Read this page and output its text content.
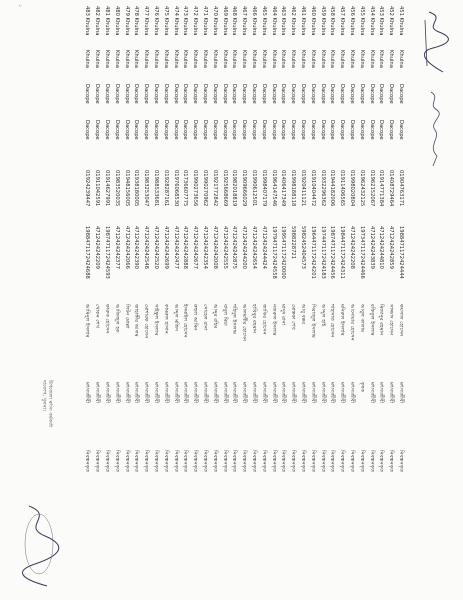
451 Khulna
Khulna
Dacope
Dacope
01904763171
1988471172424444
ফয়সাল হোসেন
মৎস্যজীবী
নিবন্ধনকৃত
452 Khulna
Khulna
Dacope
Dacope
01408729464
4712424242859
সাজ্জাদ হোসেন
মৎস্যজীবী
নিবন্ধনকৃত
453 Khulna
Khulna
Dacope
Dacope
01914771384
4712424244810
মিজানুর রহমান
মৎস্যজীবী
নিবন্ধনকৃত
454 Khulna
Khulna
Dacope
Dacope
01962152067
4712424243839
রফিকুল ইসলাম
মৎস্যজীবী
নিবন্ধনকৃত
455 Khulna
Khulna
Dacope
Dacope
01962432125
1973471172424466
আবুল কালাম
কৃষক
নিবন্ধনকৃত
456 Khulna
Khulna
Dacope
Dacope
01998020804
4712424242208
আনোয়ার হোসেন
মৎস্যজীবী
নিবন্ধনকৃত
457 Khulna
Khulna
Dacope
Dacope
01911406565
1984471172424311
মনিরুল ইসলাম
মৎস্যজীবী
নিবন্ধনকৃত
458 Khulna
Khulna
Dacope
Dacope
01944182006
1987471172424456
শাহাদাত হোসেন
মৎস্যজীবী
নিবন্ধনকৃত
459 Khulna
Khulna
Dacope
Dacope
01932296362
1974471172424183
আব্দুল হাই
মৎস্যজীবী
নিবন্ধনকৃত
460 Khulna
Khulna
Dacope
Dacope
01910404472
1964471172424201
সিরাজুল ইসলাম
মৎস্যজীবী
নিবন্ধনকৃত
461 Khulna
Khulna
Dacope
Dacope
01920411121
5982452404573
আবু বক্কর
মৎস্যজীবী
নিবন্ধনকৃত
462 Khulna
Khulna
Dacope
Dacope
01998188118
5988228721
মোস্তফা শেখ
মৎস্যজীবী
নিবন্ধনকৃত
463 Khulna
Khulna
Dacope
Dacope
01406417349
1995471172420000
মাসুদ রানা
মৎস্যজীবী
নিবন্ধনকৃত
464 Khulna
Khulna
Dacope
Dacope
01964147546
1979471172424558
নজরুল ইসলাম
মৎস্যজীবী
নিবন্ধনকৃত
465 Khulna
Khulna
Dacope
Dacope
01998407179
4712424244424
জাকির হোসেন
মৎস্যজীবী
নিবন্ধনকৃত
466 Khulna
Khulna
Dacope
Dacope
01990612501
4712424242654
হাবিবুর রহমান
মৎস্যজীবী
নিবন্ধনকৃত
467 Khulna
Khulna
Dacope
Dacope
01909666029
4712424244200
আলমগীর হোসেন
মৎস্যজীবী
নিবন্ধনকৃত
468 Khulna
Khulna
Dacope
Dacope
01982018819
4712424242875
শহিদুল ইসলাম
মৎস্যজীবী
নিবন্ধনকৃত
469 Khulna
Khulna
Dacope
Dacope
01925668669
4712424242555
বাবুল মিয়া
মৎস্যজীবী
নিবন্ধনকৃত
470 Khulna
Khulna
Dacope
Dacope
01921772842
4712424242008
আব্দুর রহিম
মৎস্যজীবী
নিবন্ধনকৃত
471 Khulna
Khulna
Dacope
Dacope
01990270962
4712424242354
সোহেল রানা
মৎস্যজীবী
নিবন্ধনকৃত
472 Khulna
Khulna
Dacope
Dacope
01990273656
4712424242677
রুহুল আমিন
মৎস্যজীবী
নিবন্ধনকৃত
473 Khulna
Khulna
Dacope
Dacope
01736607775
4712424242888
ইসমাইল হোসেন
মৎস্যজীবী
নিবন্ধনকৃত
474 Khulna
Khulna
Dacope
Dacope
01976068530
4712424242477
আব্দুল মজিদ
মৎস্যজীবী
নিবন্ধনকৃত
475 Khulna
Khulna
Dacope
Dacope
01928287161
4712424242699
কামরুল হাসান
মৎস্যজীবী
নিবন্ধনকৃত
476 Khulna
Khulna
Dacope
Dacope
01988533681
4712424242520
সাইফুল ইসলাম
মৎস্যজীবী
নিবন্ধনকৃত
477 Khulna
Khulna
Dacope
Dacope
01983253047
4712424242548
মোশারফ হোসেন
মৎস্যজীবী
নিবন্ধনকৃত
478 Khulna
Khulna
Dacope
Dacope
01938180005
4712424242390
জাহাঙ্গীর আলম
মৎস্যজীবী
নিবন্ধনকৃত
479 Khulna
Khulna
Dacope
Dacope
01948156005
4712424242066
লিটন মোল্লা
মৎস্যজীবী
নিবন্ধনকৃত
480 Khulna
Khulna
Dacope
Dacope
01983520035
4712424242377
আজিজুল হক
মৎস্যজীবী
নিবন্ধনকৃত
481 Khulna
Khulna
Dacope
Dacope
01914627991
1987471172424593
ফারুক হোসেন
মৎস্যজীবী
নিবন্ধনকৃত
482 Khulna
Khulna
Dacope
Dacope
01911042591
4712424242209
খোকন শেখ
মৎস্যজীবী
নিবন্ধনকৃত
483 Khulna
Khulna
Dacope
Dacope
01924239447
1988471172424688
আমিনুল ইসলাম
মৎস্যজীবী
নিবন্ধনকৃত
উপজেলা মৎস্য কর্মকর্তা
দাকোপ, খুলনা।
১
